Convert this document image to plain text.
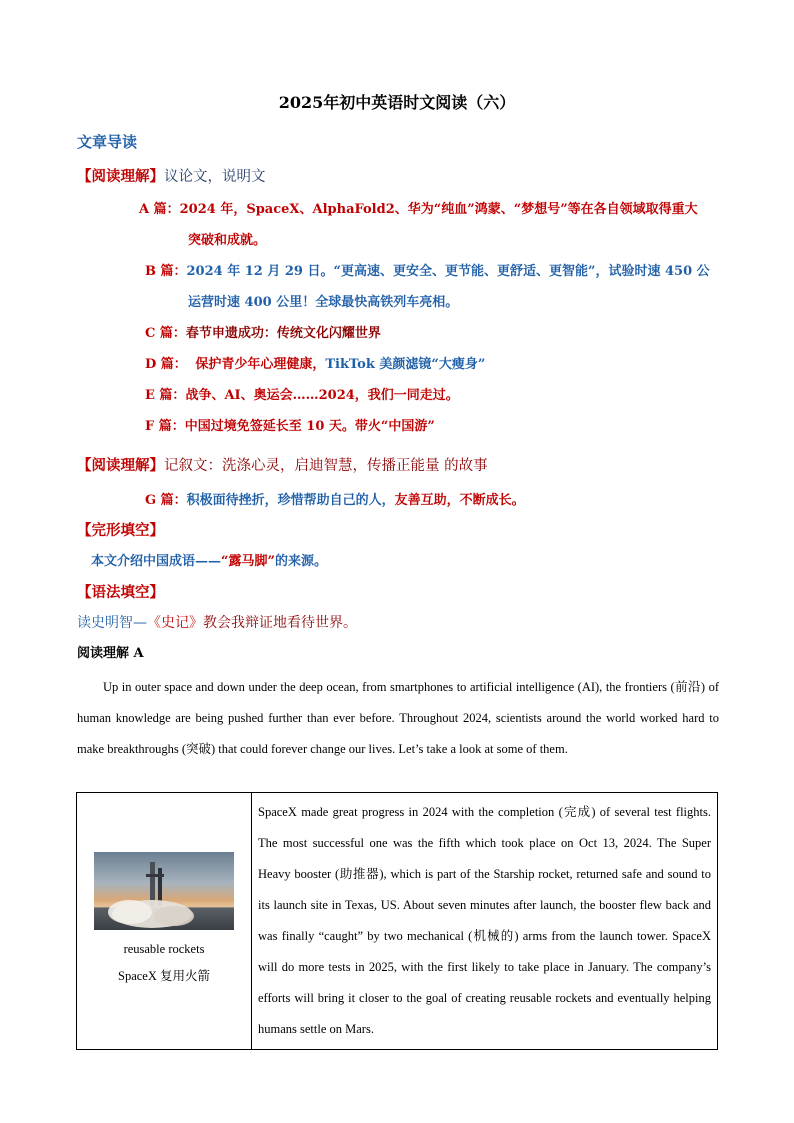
2025年初中英语时文阅读（六）
文章导读
【阅读理解】议论文，说明文
A 篇：2024 年，SpaceX、AlphaFold2、华为“纯血”鸿蒙、“梦想号”等在各自领域取得重大
突破和成就。
B 篇：2024 年 12 月 29 日。“更高速、更安全、更节能、更舒适、更智能”，试验时速 450 公
运营时速 400 公里！全球最快高铁列车亮相。
C 篇：春节申遗成功：传统文化闪耀世界
D 篇： 保护青少年心理健康，TikTok 美颜滤镜“大瘦身”
E 篇：战争、AI、奥运会……2024，我们一同走过。
F 篇：中国过境免签延长至 10 天。带火“中国游”
【阅读理解】记叙文：洗涤心灵，启迪智慧，传播正能量 的故事
G 篇：积极面待挫折，珍惜帮助自己的人，友善互助，不断成长。
【完形填空】
本文介绍中国成语——“露马脚”的来源。
【语法填空】
读史明智—《史记》教会我辩证地看待世界。
阅读理解 A
Up in outer space and down under the deep ocean, from smartphones to artificial intelligence (AI), the frontiers (前沿) of human knowledge are being pushed further than ever before. Throughout 2024, scientists around the world worked hard to make breakthroughs (突破) that could forever change our lives. Let’s take a look at some of them.
reusable rockets
SpaceX 复用火箭
	SpaceX made great progress in 2024 with the completion (完成) of several test flights. The most successful one was the fifth which took place on Oct 13, 2024. The Super Heavy booster (助推器), which is part of the Starship rocket, returned safe and sound to its launch site in Texas, US. About seven minutes after launch, the booster flew back and was finally “caught” by two mechanical (机械的) arms from the launch tower. SpaceX will do more tests in 2025, with the first likely to take place in January. The company’s efforts will bring it closer to the goal of creating reusable rockets and eventually helping humans settle on Mars.
